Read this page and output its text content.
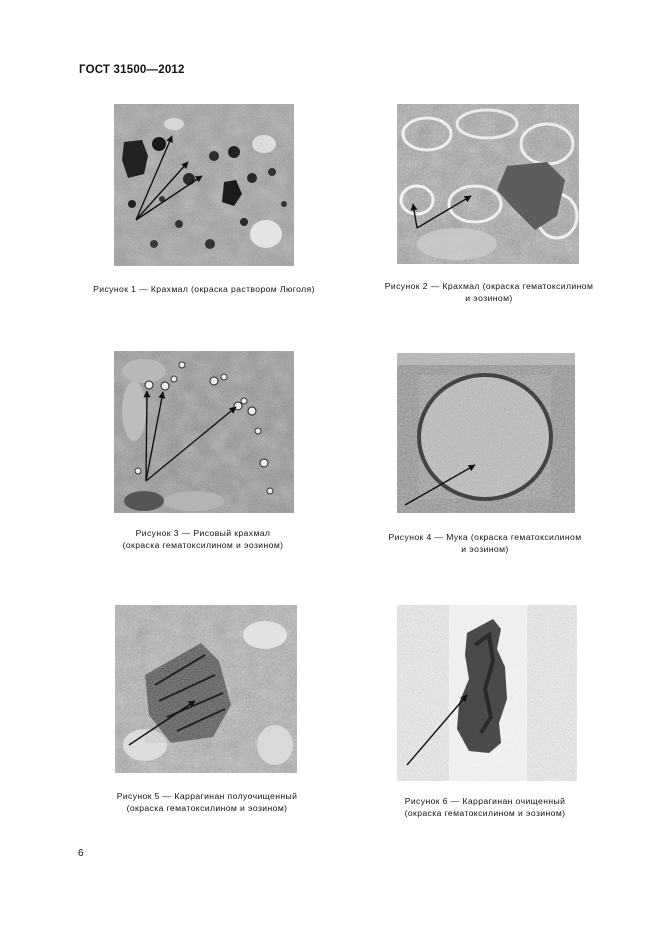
ГОСТ 31500—2012
Рисунок 1 — Крахмал (окраска раствором Люголя)	Рисунок 2 — Крахмал (окраска гематоксилином
и эозином)
Рисунок 3 — Рисовый крахмал
(окраска гематоксилином и эозином)
Рисунок 4 — Мука (окраска гематоксилином
и эозином)
Рисунок 5 — Каррагинан полуочищенный
(окраска гематоксилином и эозином)
Рисунок 6 — Каррагинан очищенный
(окраска гематоксилином и эозином)
6
